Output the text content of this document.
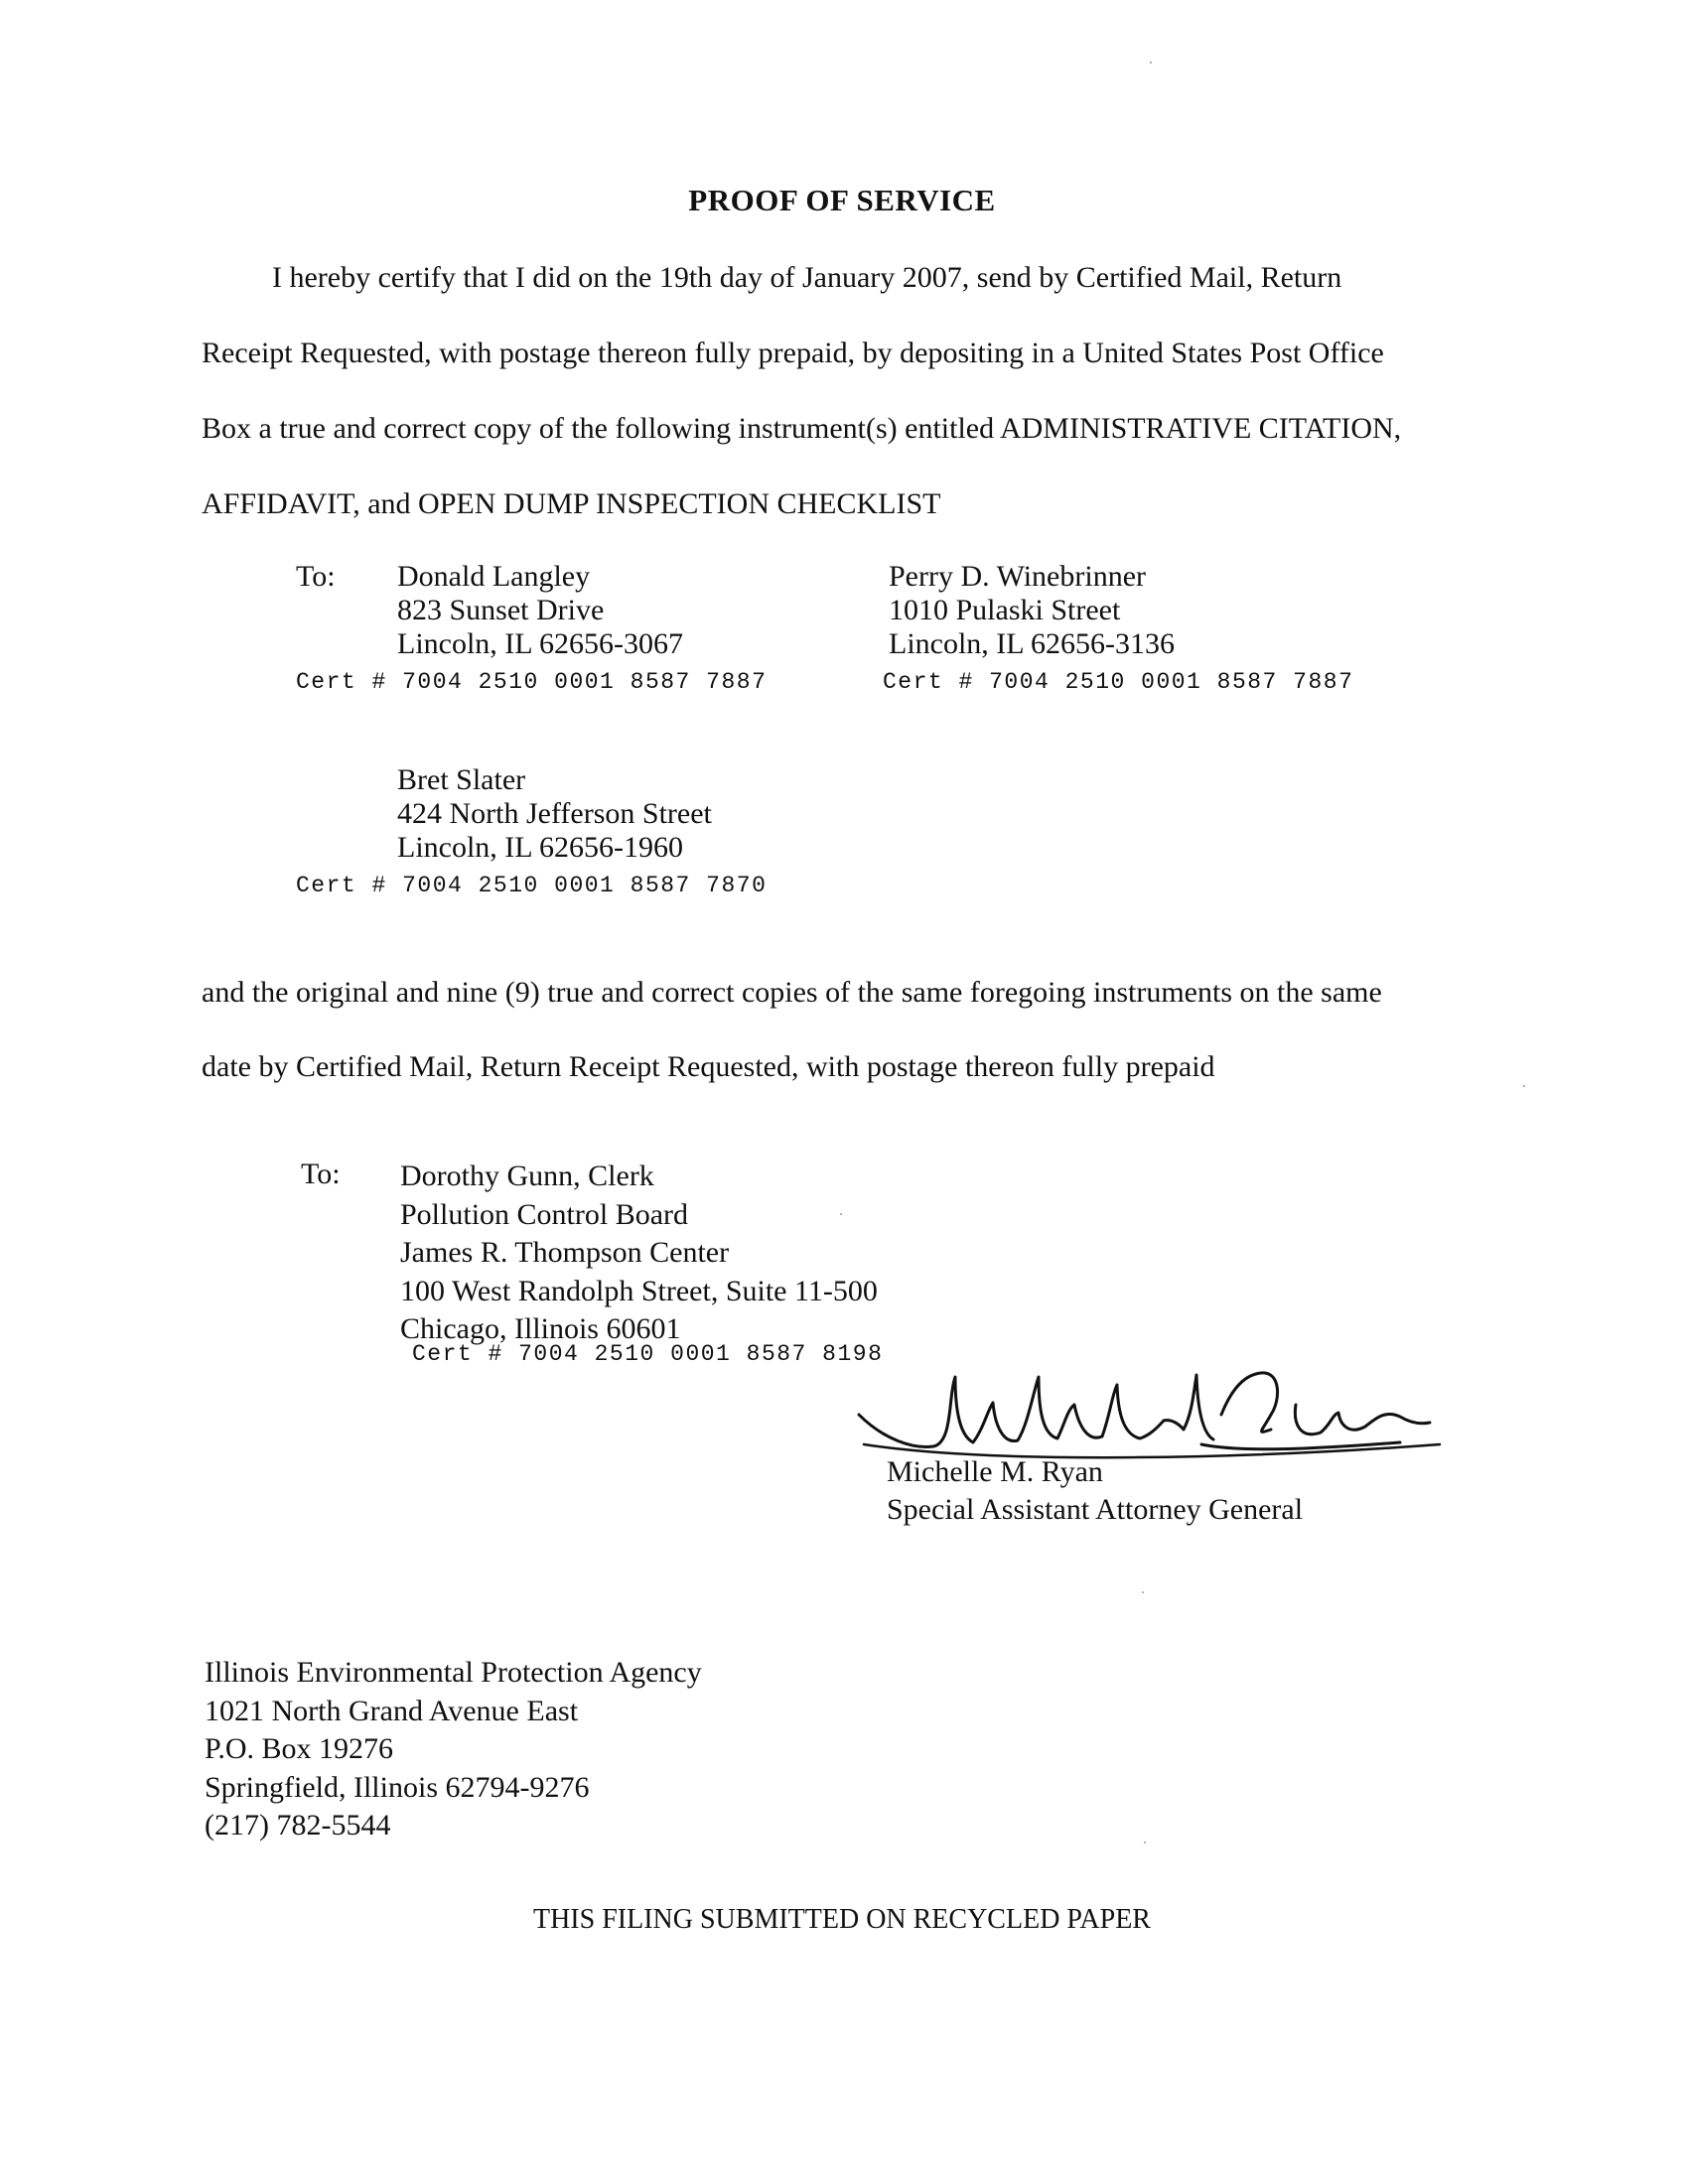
PROOF OF SERVICE
I hereby certify that I did on the 19th day of January 2007, send by Certified Mail, Return
Receipt Requested, with postage thereon fully prepaid, by depositing in a United States Post Office
Box a true and correct copy of the following instrument(s) entitled ADMINISTRATIVE CITATION,
AFFIDAVIT, and OPEN DUMP INSPECTION CHECKLIST
To: Donald Langley
823 Sunset Drive
Lincoln, IL 62656-3067
Cert # 7004 2510 0001 8587 7887
Perry D. Winebrinner
1010 Pulaski Street
Lincoln, IL 62656-3136
Cert # 7004 2510 0001 8587 7887
Bret Slater
424 North Jefferson Street
Lincoln, IL 62656-1960
Cert # 7004 2510 0001 8587 7870
and the original and nine (9) true and correct copies of the same foregoing instruments on the same
date by Certified Mail, Return Receipt Requested, with postage thereon fully prepaid
To: Dorothy Gunn, Clerk
Pollution Control Board
James R. Thompson Center
100 West Randolph Street, Suite 11-500
Chicago, Illinois 60601
Cert # 7004 2510 0001 8587 8198
Michelle M. Ryan
Special Assistant Attorney General
Illinois Environmental Protection Agency
1021 North Grand Avenue East
P.O. Box 19276
Springfield, Illinois 62794-9276
(217) 782-5544
THIS FILING SUBMITTED ON RECYCLED PAPER
